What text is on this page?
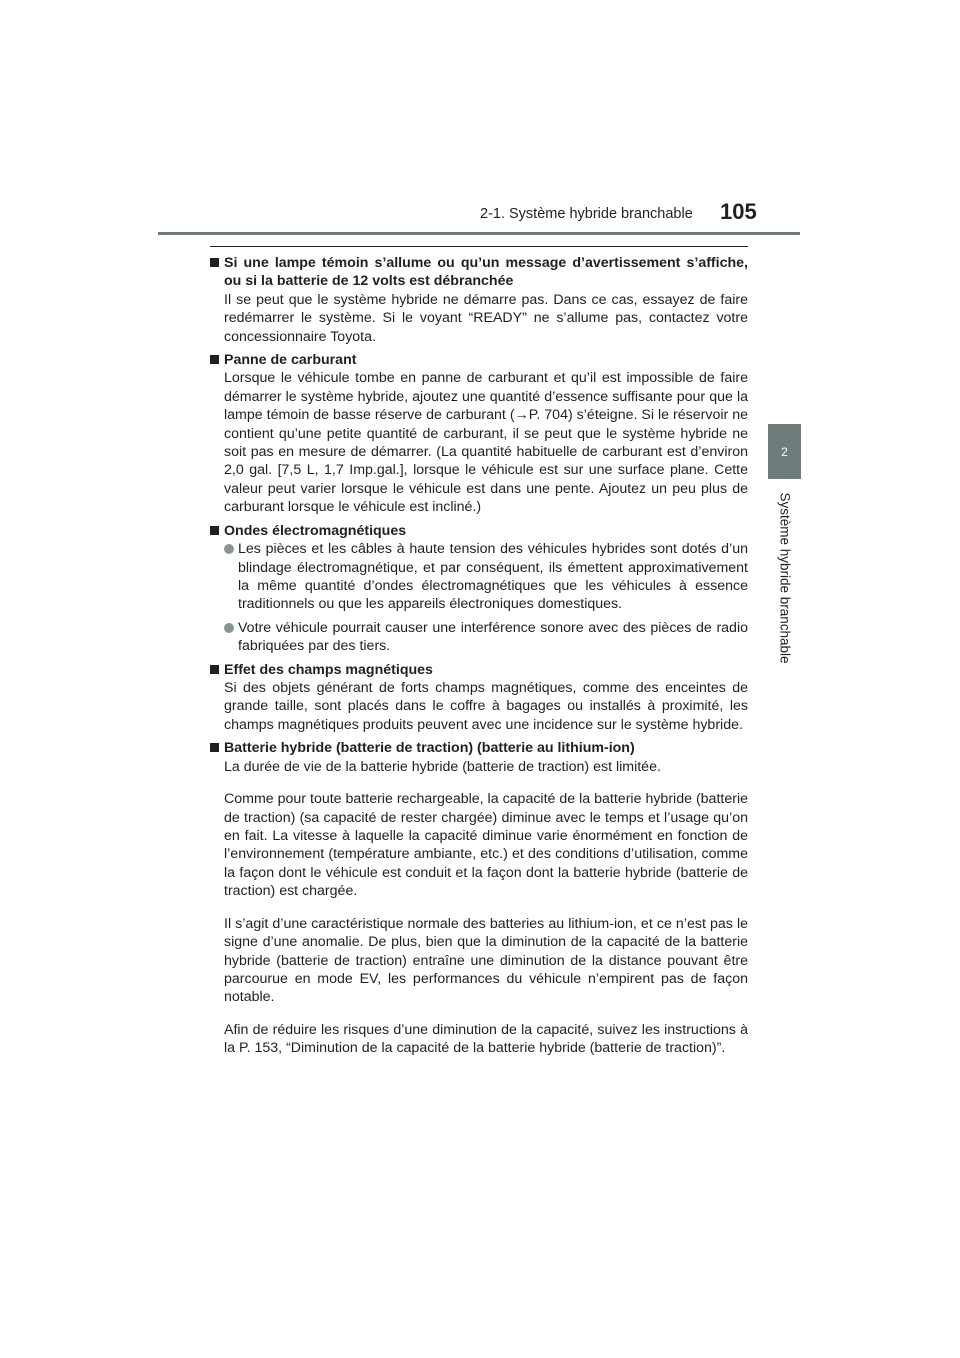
2-1. Système hybride branchable	105
2
Système hybride branchable
Si une lampe témoin s’allume ou qu’un message d’avertissement s’affiche, ou si la batterie de 12 volts est débranchée

Il se peut que le système hybride ne démarre pas. Dans ce cas, essayez de faire redémarrer le système. Si le voyant “READY” ne s’allume pas, contactez votre concessionnaire Toyota.

Panne de carburant

Lorsque le véhicule tombe en panne de carburant et qu’il est impossible de faire démarrer le système hybride, ajoutez une quantité d’essence suffisante pour que la lampe témoin de basse réserve de carburant (→P. 704) s’éteigne. Si le réservoir ne contient qu’une petite quantité de carburant, il se peut que le système hybride ne soit pas en mesure de démarrer. (La quantité habituelle de carburant est d’environ 2,0 gal. [7,5 L, 1,7 Imp.gal.], lorsque le véhicule est sur une surface plane. Cette valeur peut varier lorsque le véhicule est dans une pente. Ajoutez un peu plus de carburant lorsque le véhicule est incliné.)

Ondes électromagnétiques
Les pièces et les câbles à haute tension des véhicules hybrides sont dotés d’un blindage électromagnétique, et par conséquent, ils émettent approximativement la même quantité d’ondes électromagnétiques que les véhicules à essence traditionnels ou que les appareils électroniques domestiques.
Votre véhicule pourrait causer une interférence sonore avec des pièces de radio fabriquées par des tiers.
Effet des champs magnétiques

Si des objets générant de forts champs magnétiques, comme des enceintes de grande taille, sont placés dans le coffre à bagages ou installés à proximité, les champs magnétiques produits peuvent avec une incidence sur le système hybride.

Batterie hybride (batterie de traction) (batterie au lithium-ion)

La durée de vie de la batterie hybride (batterie de traction) est limitée.

Comme pour toute batterie rechargeable, la capacité de la batterie hybride (batterie de traction) (sa capacité de rester chargée) diminue avec le temps et l’usage qu’on en fait. La vitesse à laquelle la capacité diminue varie énormément en fonction de l’environnement (température ambiante, etc.) et des conditions d’utilisation, comme la façon dont le véhicule est conduit et la façon dont la batterie hybride (batterie de traction) est chargée.

Il s’agit d’une caractéristique normale des batteries au lithium-ion, et ce n’est pas le signe d’une anomalie. De plus, bien que la diminution de la capacité de la batterie hybride (batterie de traction) entraîne une diminution de la distance pouvant être parcourue en mode EV, les performances du véhicule n’empirent pas de façon notable.

Afin de réduire les risques d’une diminution de la capacité, suivez les instructions à la P. 153, “Diminution de la capacité de la batterie hybride (batterie de traction)”.
